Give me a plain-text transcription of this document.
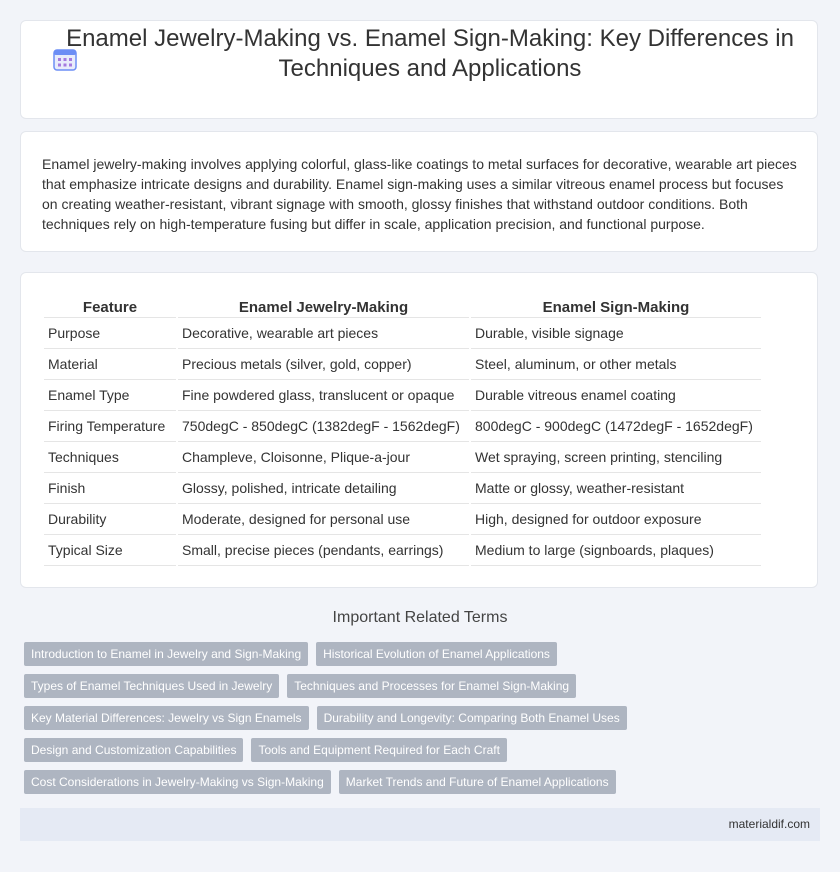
Enamel Jewelry-Making vs. Enamel Sign-Making: Key Differences in Techniques and Applications

Enamel jewelry-making involves applying colorful, glass-like coatings to metal surfaces for decorative, wearable art pieces that emphasize intricate designs and durability. Enamel sign-making uses a similar vitreous enamel process but focuses on creating weather-resistant, vibrant signage with smooth, glossy finishes that withstand outdoor conditions. Both techniques rely on high-temperature fusing but differ in scale, application precision, and functional purpose.

Feature	Enamel Jewelry-Making	Enamel Sign-Making
Purpose	Decorative, wearable art pieces	Durable, visible signage
Material	Precious metals (silver, gold, copper)	Steel, aluminum, or other metals
Enamel Type	Fine powdered glass, translucent or opaque	Durable vitreous enamel coating
Firing Temperature	750degC - 850degC (1382degF - 1562degF)	800degC - 900degC (1472degF - 1652degF)
Techniques	Champleve, Cloisonne, Plique-a-jour	Wet spraying, screen printing, stenciling
Finish	Glossy, polished, intricate detailing	Matte or glossy, weather-resistant
Durability	Moderate, designed for personal use	High, designed for outdoor exposure
Typical Size	Small, precise pieces (pendants, earrings)	Medium to large (signboards, plaques)
Important Related Terms
Introduction to Enamel in Jewelry and Sign-Making	Historical Evolution of Enamel Applications
Types of Enamel Techniques Used in Jewelry	Techniques and Processes for Enamel Sign-Making
Key Material Differences: Jewelry vs Sign Enamels	Durability and Longevity: Comparing Both Enamel Uses
Design and Customization Capabilities	Tools and Equipment Required for Each Craft
Cost Considerations in Jewelry-Making vs Sign-Making	Market Trends and Future of Enamel Applications
materialdif.com
